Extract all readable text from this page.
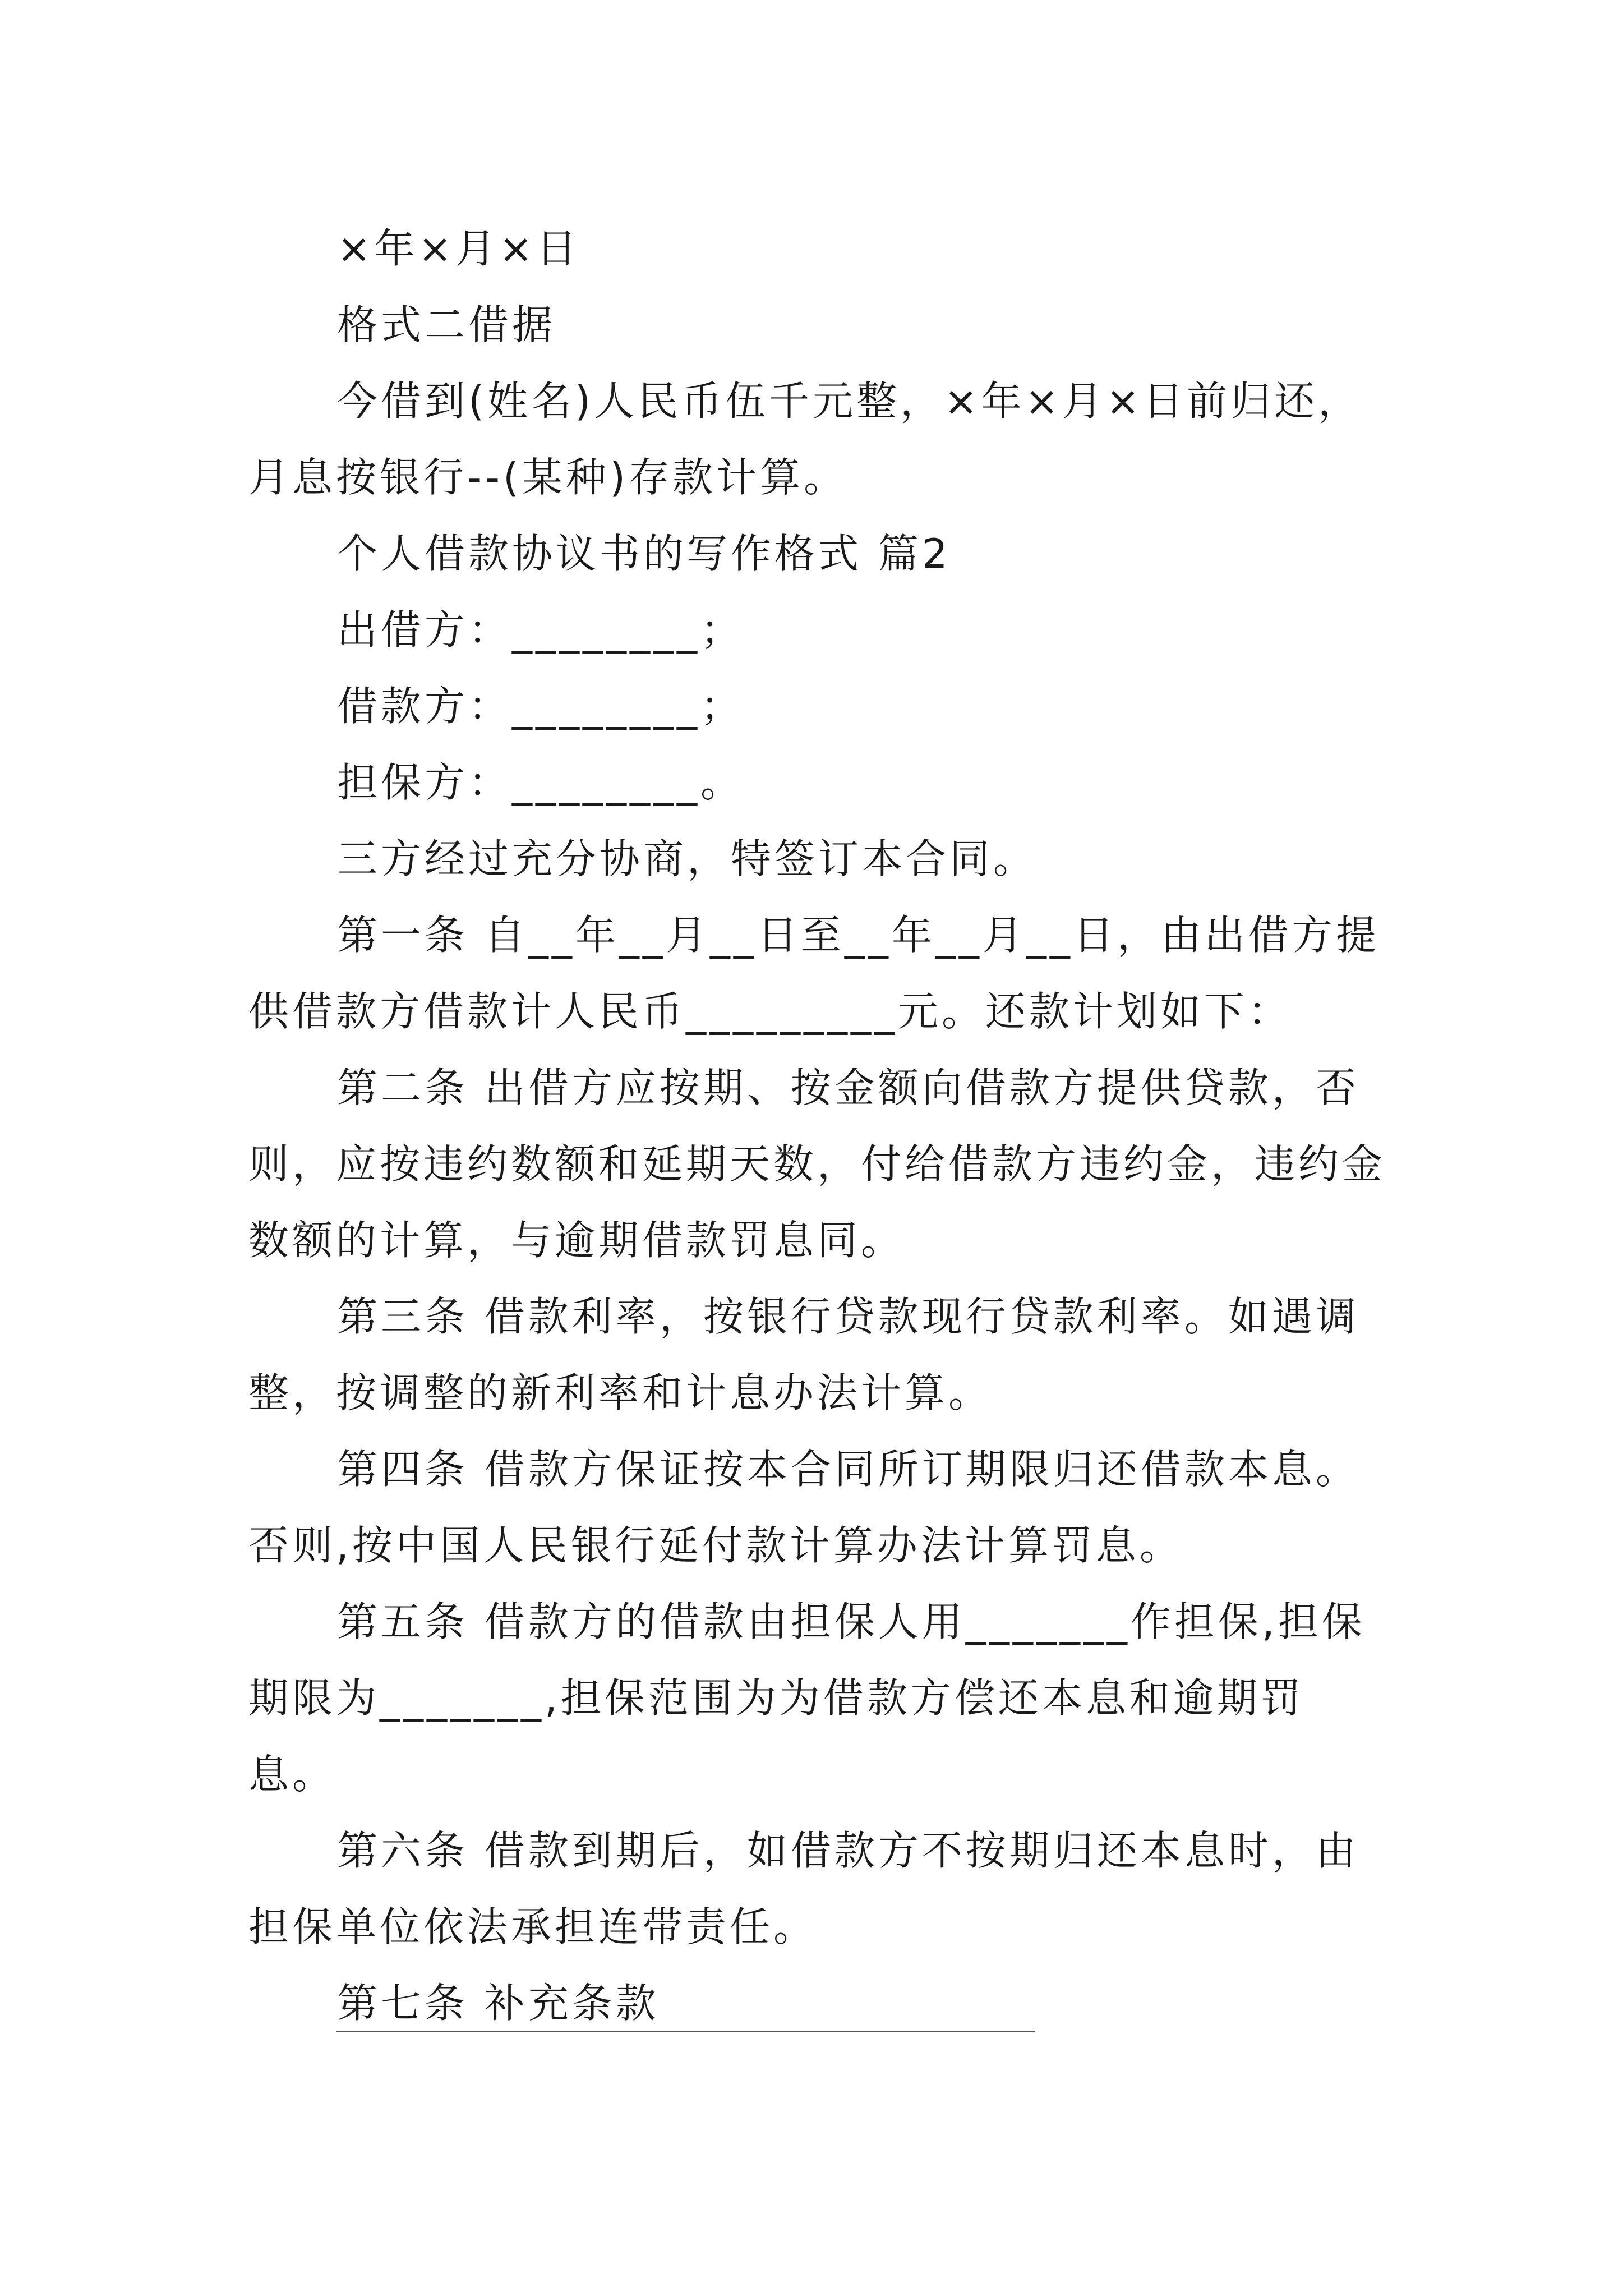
×年×月×日

格式二借据

今借到(姓名)人民币伍千元整，×年×月×日前归还，月息按银行--(某种)存款计算。

个人借款协议书的写作格式 篇2

出借方：________；

借款方：________；

担保方：________。

三方经过充分协商，特签订本合同。

第一条 自__年__月__日至__年__月__日，由出借方提供借款方借款计人民币_________元。还款计划如下：

第二条 出借方应按期、按金额向借款方提供贷款，否则，应按违约数额和延期天数，付给借款方违约金，违约金数额的计算，与逾期借款罚息同。

第三条 借款利率，按银行贷款现行贷款利率。如遇调整，按调整的新利率和计息办法计算。

第四条 借款方保证按本合同所订期限归还借款本息。否则,按中国人民银行延付款计算办法计算罚息。

第五条 借款方的借款由担保人用_______作担保,担保期限为_______,担保范围为为借款方偿还本息和逾期罚息。

第六条 借款到期后，如借款方不按期归还本息时，由担保单位依法承担连带责任。

第七条 补充条款
